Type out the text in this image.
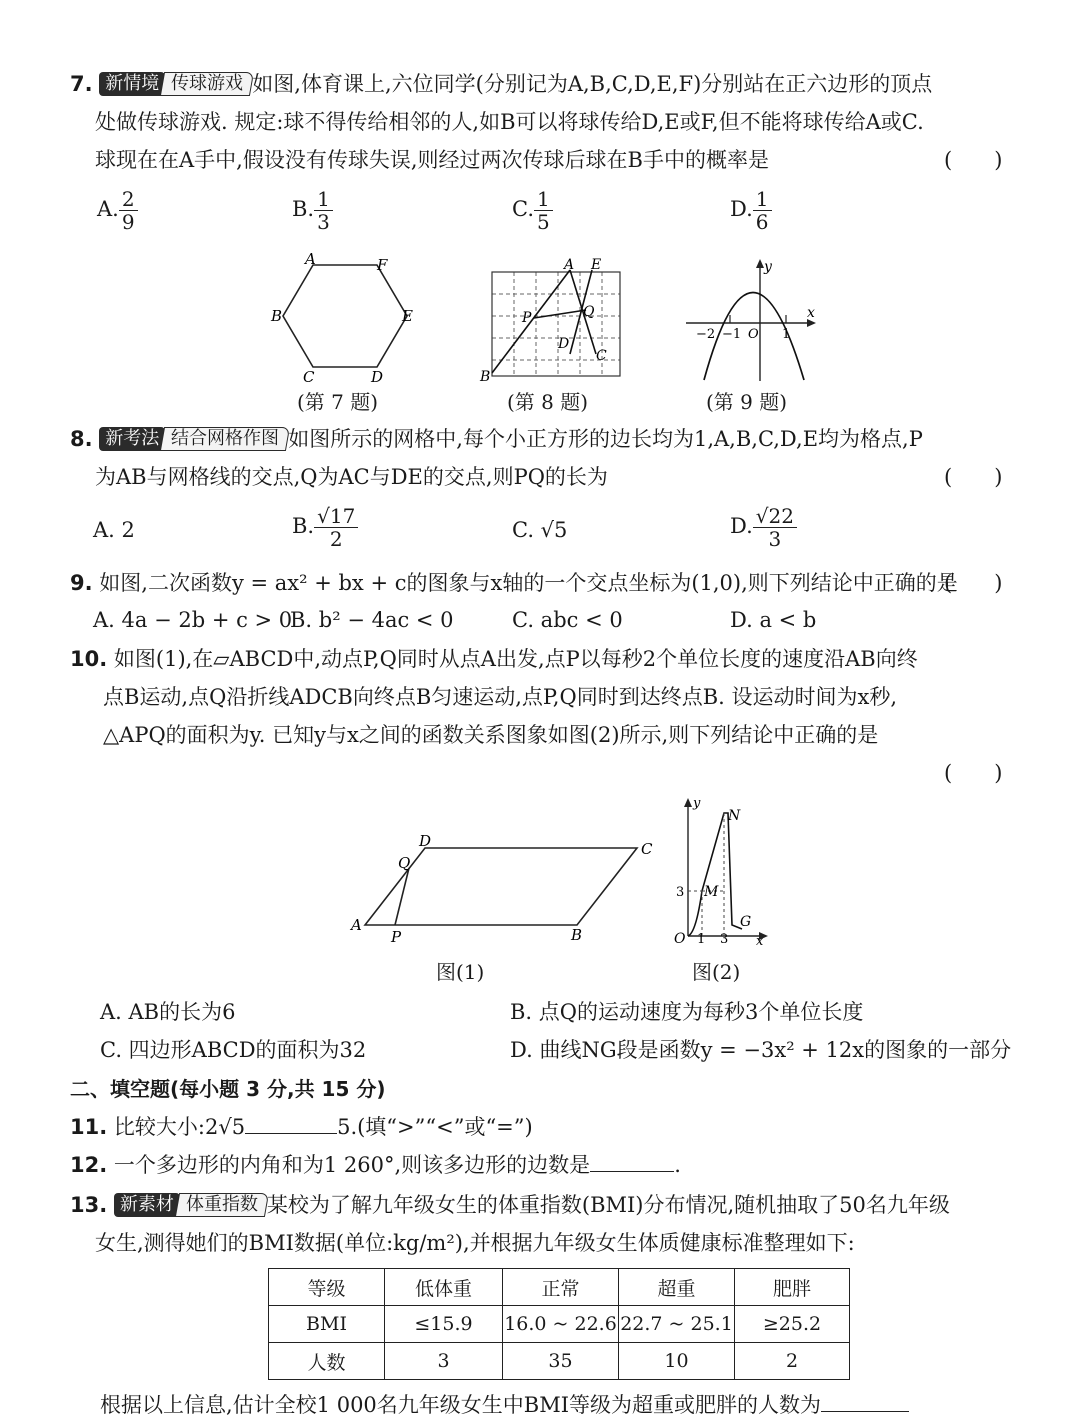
7. 新情境 传球游戏 如图,体育课上,六位同学(分别记为A,B,C,D,E,F)分别站在正六边形的顶点
处做传球游戏. 规定:球不得传给相邻的人,如B可以将球传给D,E或F,但不能将球传给A或C.
球现在在A手中,假设没有传球失误,则经过两次传球后球在B手中的概率是	(　　)
A. $\frac{2}{9}$	B. $\frac{1}{3}$	C. $\frac{1}{5}$	D. $\frac{1}{6}$
A	F
B	E
C	D
(第 7 题)
A E
P	Q
D
C
B
(第 8 题)
y
x
−2 −1 O 1
(第 9 题)
8. 新考法 结合网格作图 如图所示的网格中,每个小正方形的边长均为1,A,B,C,D,E均为格点,P
为AB与网格线的交点,Q为AC与DE的交点,则PQ的长为	(　　)
A. 2	B. $\frac{√17}{2}$	C. √5	D. $\frac{√22}{3}$
9. 如图,二次函数y = ax² + bx + c的图象与x轴的一个交点坐标为(1,0),则下列结论中正确的是
(　　)
A. 4a − 2b + c > 0
B. b² − 4ac < 0	C. abc < 0	D. a < b
10. 如图(1),在▱ABCD中,动点P,Q同时从点A出发,点P以每秒2个单位长度的速度沿AB向终
点B运动,点Q沿折线ADCB向终点B匀速运动,点P,Q同时到达终点B. 设运动时间为x秒,
△APQ的面积为y. 已知y与x之间的函数关系图象如图(2)所示,则下列结论中正确的是
(　　)
A
D	C
B
P
Q
图(1)
y
N
M
G
3
O 1 3 x
图(2)
A. AB的长为6	B. 点Q的运动速度为每秒3个单位长度
C. 四边形ABCD的面积为32	D. 曲线NG段是函数y = −3x² + 12x的图象的一部分
二、填空题(每小题 3 分,共 15 分)
11. 比较大小:2√5	5.(填“>”“<”或“=”)
12. 一个多边形的内角和为1 260°,则该多边形的边数是	.
13. 新素材 体重指数 某校为了解九年级女生的体重指数(BMI)分布情况,随机抽取了50名九年级
女生,测得她们的BMI数据(单位:kg/m²),并根据九年级女生体质健康标准整理如下:
等级	低体重	正常	超重	肥胖
BMI	≤15.9	16.0 ~ 22.6	22.7 ~ 25.1	≥25.2
人数	3	35	10	2
根据以上信息,估计全校1 000名九年级女生中BMI等级为超重或肥胖的人数为
